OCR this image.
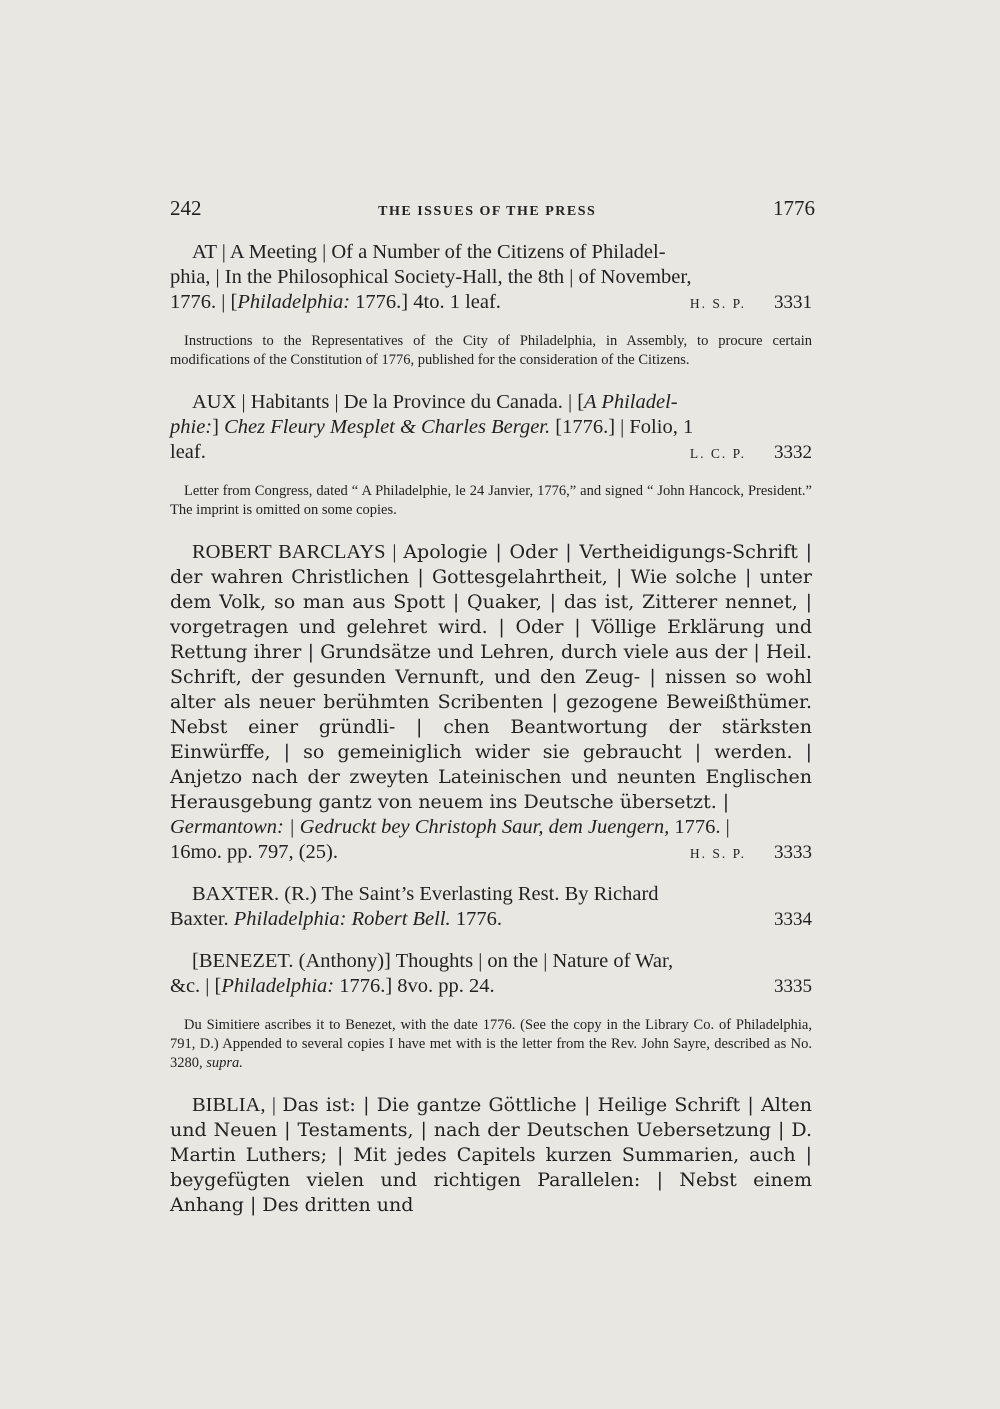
242	THE ISSUES OF THE PRESS	1776
AT | A Meeting | Of a Number of the Citizens of Philadel-
phia, | In the Philosophical Society-Hall, the 8th | of November,
1776. | [Philadelphia: 1776.] 4to. 1 leaf.	H. S. P. 3331

Instructions to the Representatives of the City of Philadelphia, in Assembly, to procure certain modifications of the Constitution of 1776, published for the consideration of the Citizens.

AUX | Habitants | De la Province du Canada. | [A Philadel-
phie:] Chez Fleury Mesplet & Charles Berger. [1776.] | Folio, 1
leaf.	L. C. P. 3332

Letter from Congress, dated “ A Philadelphie, le 24 Janvier, 1776,” and signed “ John Hancock, President.” The imprint is omitted on some copies.

ROBERT BARCLAYS | Apologie | Oder | Vertheidigungs-Schrift | der wahren Christlichen | Gottesgelahrtheit, | Wie solche | unter dem Volk, so man aus Spott | Quaker, | das ist, Zitterer nennet, | vorgetragen und gelehret wird. | Oder | Völlige Erklärung und Rettung ihrer | Grundsätze und Lehren, durch viele aus der | Heil. Schrift, der gesunden Vernunft, und den Zeug- | nissen so wohl alter als neuer berühmten Scribenten | gezogene Beweißthümer. Nebst einer gründli- | chen Beantwortung der stärksten Einwürffe, | so gemeiniglich wider sie gebraucht | werden. | Anjetzo nach der zweyten Lateinischen und neunten Englischen Herausgebung gantz von neuem ins Deutsche übersetzt. |
Germantown: | Gedruckt bey Christoph Saur, dem Juengern, 1776. |
16mo. pp. 797, (25).	H. S. P. 3333
BAXTER. (R.) The Saint’s Everlasting Rest. By Richard
Baxter. Philadelphia: Robert Bell. 1776.	3334
[BENEZET. (Anthony)] Thoughts | on the | Nature of War,
&c. | [Philadelphia: 1776.] 8vo. pp. 24.	3335

Du Simitiere ascribes it to Benezet, with the date 1776. (See the copy in the Library Co. of Philadelphia, 791, D.) Appended to several copies I have met with is the letter from the Rev. John Sayre, described as No. 3280, supra.

BIBLIA, | Das ist: | Die gantze Göttliche | Heilige Schrift | Alten und Neuen | Testaments, | nach der Deutschen Uebersetzung | D. Martin Luthers; | Mit jedes Capitels kurzen Summarien, auch | beygefügten vielen und richtigen Parallelen: | Nebst einem Anhang | Des dritten und
